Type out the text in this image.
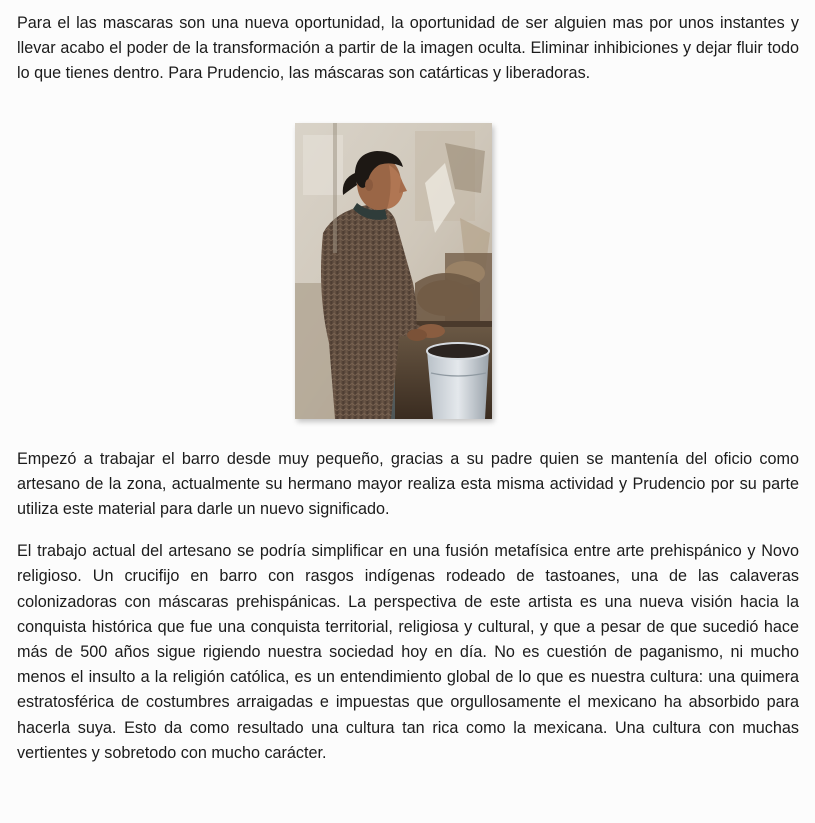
Para el las mascaras son una nueva oportunidad, la oportunidad de ser alguien mas por unos instantes y llevar acabo el poder de la transformación a partir de la imagen oculta. Eliminar inhibiciones y dejar fluir todo lo que tienes dentro. Para Prudencio, las máscaras son catárticas y liberadoras.

Empezó a trabajar el barro desde muy pequeño, gracias a su padre quien se mantenía del oficio como artesano de la zona, actualmente su hermano mayor realiza esta misma actividad y Prudencio por su parte utiliza este material para darle un nuevo significado.

El trabajo actual del artesano se podría simplificar en una fusión metafísica entre arte prehispánico y Novo religioso. Un crucifijo en barro con rasgos indígenas rodeado de tastoanes, una de las calaveras colonizadoras con máscaras prehispánicas. La perspectiva de este artista es una nueva visión hacia la conquista histórica que fue una conquista territorial, religiosa y cultural, y que a pesar de que sucedió hace más de 500 años sigue rigiendo nuestra sociedad hoy en día. No es cuestión de paganismo, ni mucho menos el insulto a la religión católica, es un entendimiento global de lo que es nuestra cultura: una quimera estratosférica de costumbres arraigadas e impuestas que orgullosamente el mexicano ha absorbido para hacerla suya. Esto da como resultado una cultura tan rica como la mexicana. Una cultura con muchas vertientes y sobretodo con mucho carácter.
